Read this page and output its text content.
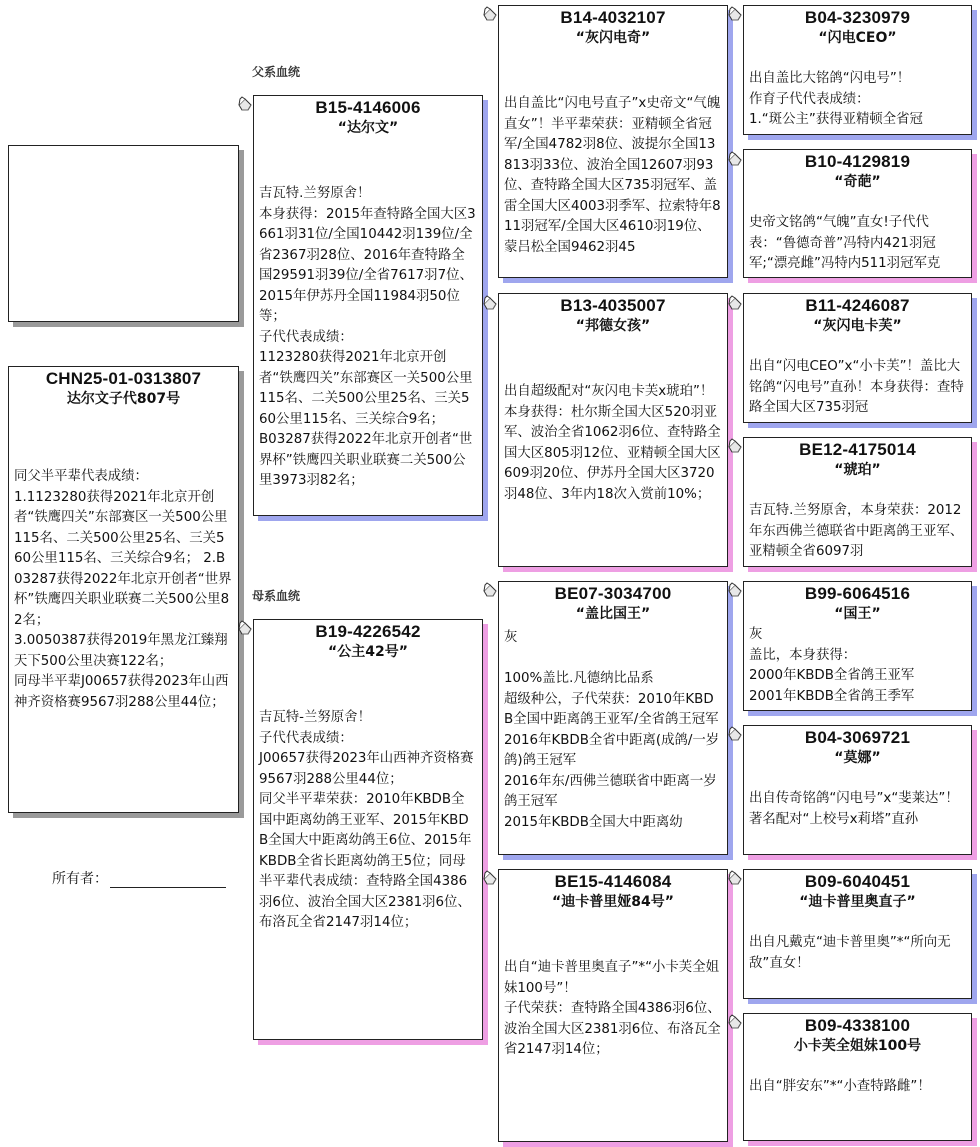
CHN25-01-0313807
达尔文子代807号
同父半平辈代表成绩：
1.1123280获得2021年北京开创者“铁鹰四关”东部赛区一关500公里115名、二关500公里25名、三关560公里115名、三关综合9名； 2.B03287获得2022年北京开创者“世界杯”铁鹰四关职业联赛二关500公里82名；
3.0050387获得2019年黑龙江臻翔天下500公里决赛122名；
同母半平辈J00657获得2023年山西神齐资格赛9567羽288公里44位；
所有者：
父系血统
母系血统
B15-4146006
“达尔文”
吉瓦特.兰努原舍！
本身获得：2015年查特路全国大区3661羽31位/全国10442羽139位/全省2367羽28位、2016年查特路全国29591羽39位/全省7617羽7位、2015年伊苏丹全国11984羽50位等；
子代代表成绩：
1123280获得2021年北京开创者“铁鹰四关”东部赛区一关500公里115名、二关500公里25名、三关560公里115名、三关综合9名；
B03287获得2022年北京开创者“世界杯”铁鹰四关职业联赛二关500公里3973羽82名；
B19-4226542
“公主42号”
吉瓦特-兰努原舍！
子代代表成绩：
J00657获得2023年山西神齐资格赛9567羽288公里44位；
同父半平辈荣获：2010年KBDB全国中距离幼鸽王亚军、2015年KBDB全国大中距离幼鸽王6位、2015年KBDB全省长距离幼鸽王5位；同母半平辈代表成绩：查特路全国4386羽6位、波治全国大区2381羽6位、布洛瓦全省2147羽14位；
B14-4032107
“灰闪电奇”
出自盖比“闪电号直子”x史帝文“气魄直女”！半平辈荣获：亚精顿全省冠军/全国4782羽8位、波提尔全国13813羽33位、波治全国12607羽93位、查特路全国大区735羽冠军、盖雷全国大区4003羽季军、拉索特年811羽冠军/全国大区4610羽19位、蒙吕松全国9462羽45
B13-4035007
“邦德女孩”
出自超级配对“灰闪电卡芙x琥珀”！本身获得：杜尔斯全国大区520羽亚军、波治全省1062羽6位、查特路全国大区805羽12位、亚精顿全国大区609羽20位、伊苏丹全国大区3720羽48位、3年内18次入赏前10%；
BE07-3034700
“盖比国王”
灰

100%盖比.凡德纳比品系
超级种公，子代荣获：2010年KBDB全国中距离鸽王亚军/全省鸽王冠军
2016年KBDB全省中距离(成鸽/一岁鸽)鸽王冠军
2016年东/西佛兰德联省中距离一岁鸽王冠军
2015年KBDB全国大中距离幼
BE15-4146084
“迪卡普里娅84号”
出自“迪卡普里奥直子”*“小卡芙全姐妹100号”！
子代荣获：查特路全国4386羽6位、波治全国大区2381羽6位、布洛瓦全省2147羽14位；
B04-3230979
“闪电CEO”
出自盖比大铭鸽“闪电号”！
作育子代代表成绩：
1.“斑公主”获得亚精顿全省冠
B10-4129819
“奇葩”
史帝文铭鸽“气魄”直女!子代代表：“鲁德奇普”冯特内421羽冠军;“漂亮雌”冯特内511羽冠军克
B11-4246087
“灰闪电卡芙”
出自“闪电CEO”x“小卡芙”！盖比大铭鸽“闪电号”直孙！本身获得：查特路全国大区735羽冠
BE12-4175014
“琥珀”
吉瓦特.兰努原舍，本身荣获：2012年东西佛兰德联省中距离鸽王亚军、亚精顿全省6097羽
B99-6064516
“国王”
灰
盖比，本身获得：
2000年KBDB全省鸽王亚军
2001年KBDB全省鸽王季军
B04-3069721
“莫娜”
出自传奇铭鸽“闪电号”x“斐莱达”！
著名配对“上校号x莉塔”直孙
B09-6040451
“迪卡普里奥直子”
出自凡戴克“迪卡普里奥”*“所向无敌”直女！
B09-4338100
小卡芙全姐妹100号
出自“胖安东”*“小查特路雌”！
